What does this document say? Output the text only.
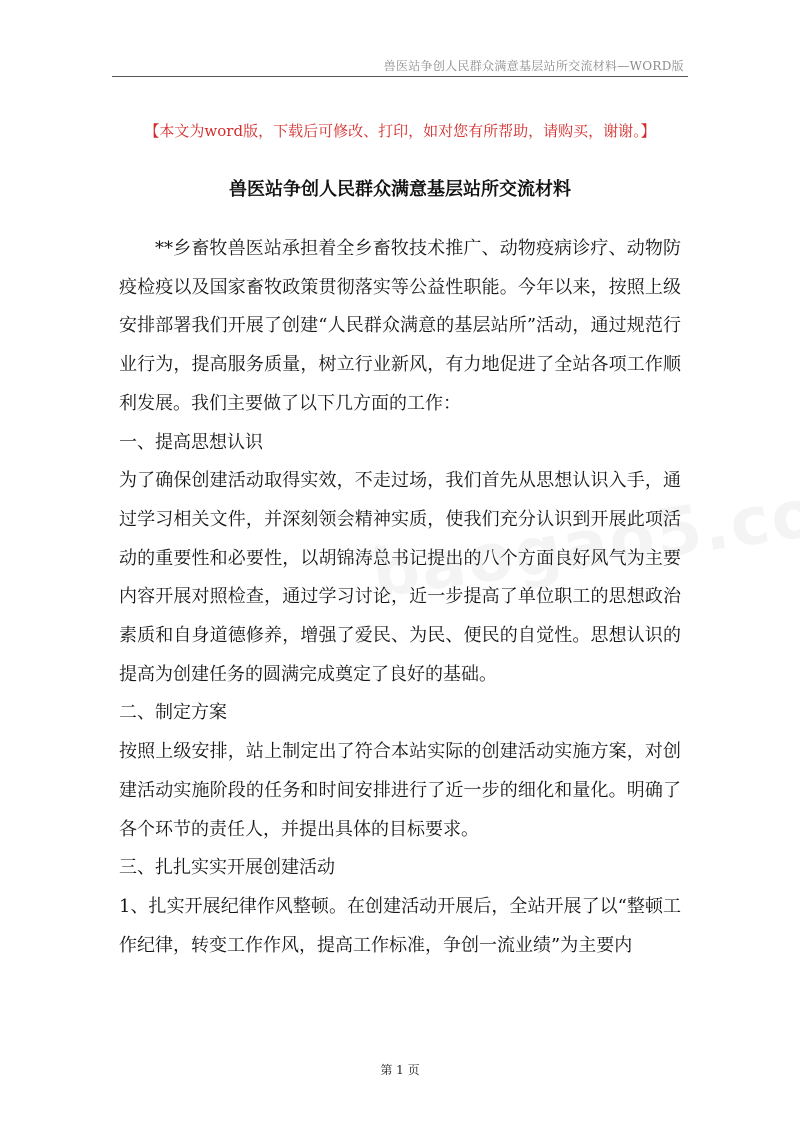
兽医站争创人民群众满意基层站所交流材料—WORD版
【本文为word版，下载后可修改、打印，如对您有所帮助，请购买，谢谢。】
兽医站争创人民群众满意基层站所交流材料

**乡畜牧兽医站承担着全乡畜牧技术推广、动物疫病诊疗、动物防疫检疫以及国家畜牧政策贯彻落实等公益性职能。今年以来，按照上级安排部署我们开展了创建“人民群众满意的基层站所”活动，通过规范行业行为，提高服务质量，树立行业新风，有力地促进了全站各项工作顺利发展。我们主要做了以下几方面的工作：

一、提高思想认识

为了确保创建活动取得实效，不走过场，我们首先从思想认识入手，通过学习相关文件，并深刻领会精神实质，使我们充分认识到开展此项活动的重要性和必要性，以胡锦涛总书记提出的八个方面良好风气为主要内容开展对照检查，通过学习讨论，近一步提高了单位职工的思想政治素质和自身道德修养，增强了爱民、为民、便民的自觉性。思想认识的提高为创建任务的圆满完成奠定了良好的基础。

二、制定方案

按照上级安排，站上制定出了符合本站实际的创建活动实施方案，对创建活动实施阶段的任务和时间安排进行了近一步的细化和量化。明确了各个环节的责任人，并提出具体的目标要求。

三、扎扎实实开展创建活动

1、扎实开展纪律作风整顿。在创建活动开展后，全站开展了以“整顿工作纪律，转变工作作风，提高工作标准，争创一流业绩”为主要内

第 1 页
